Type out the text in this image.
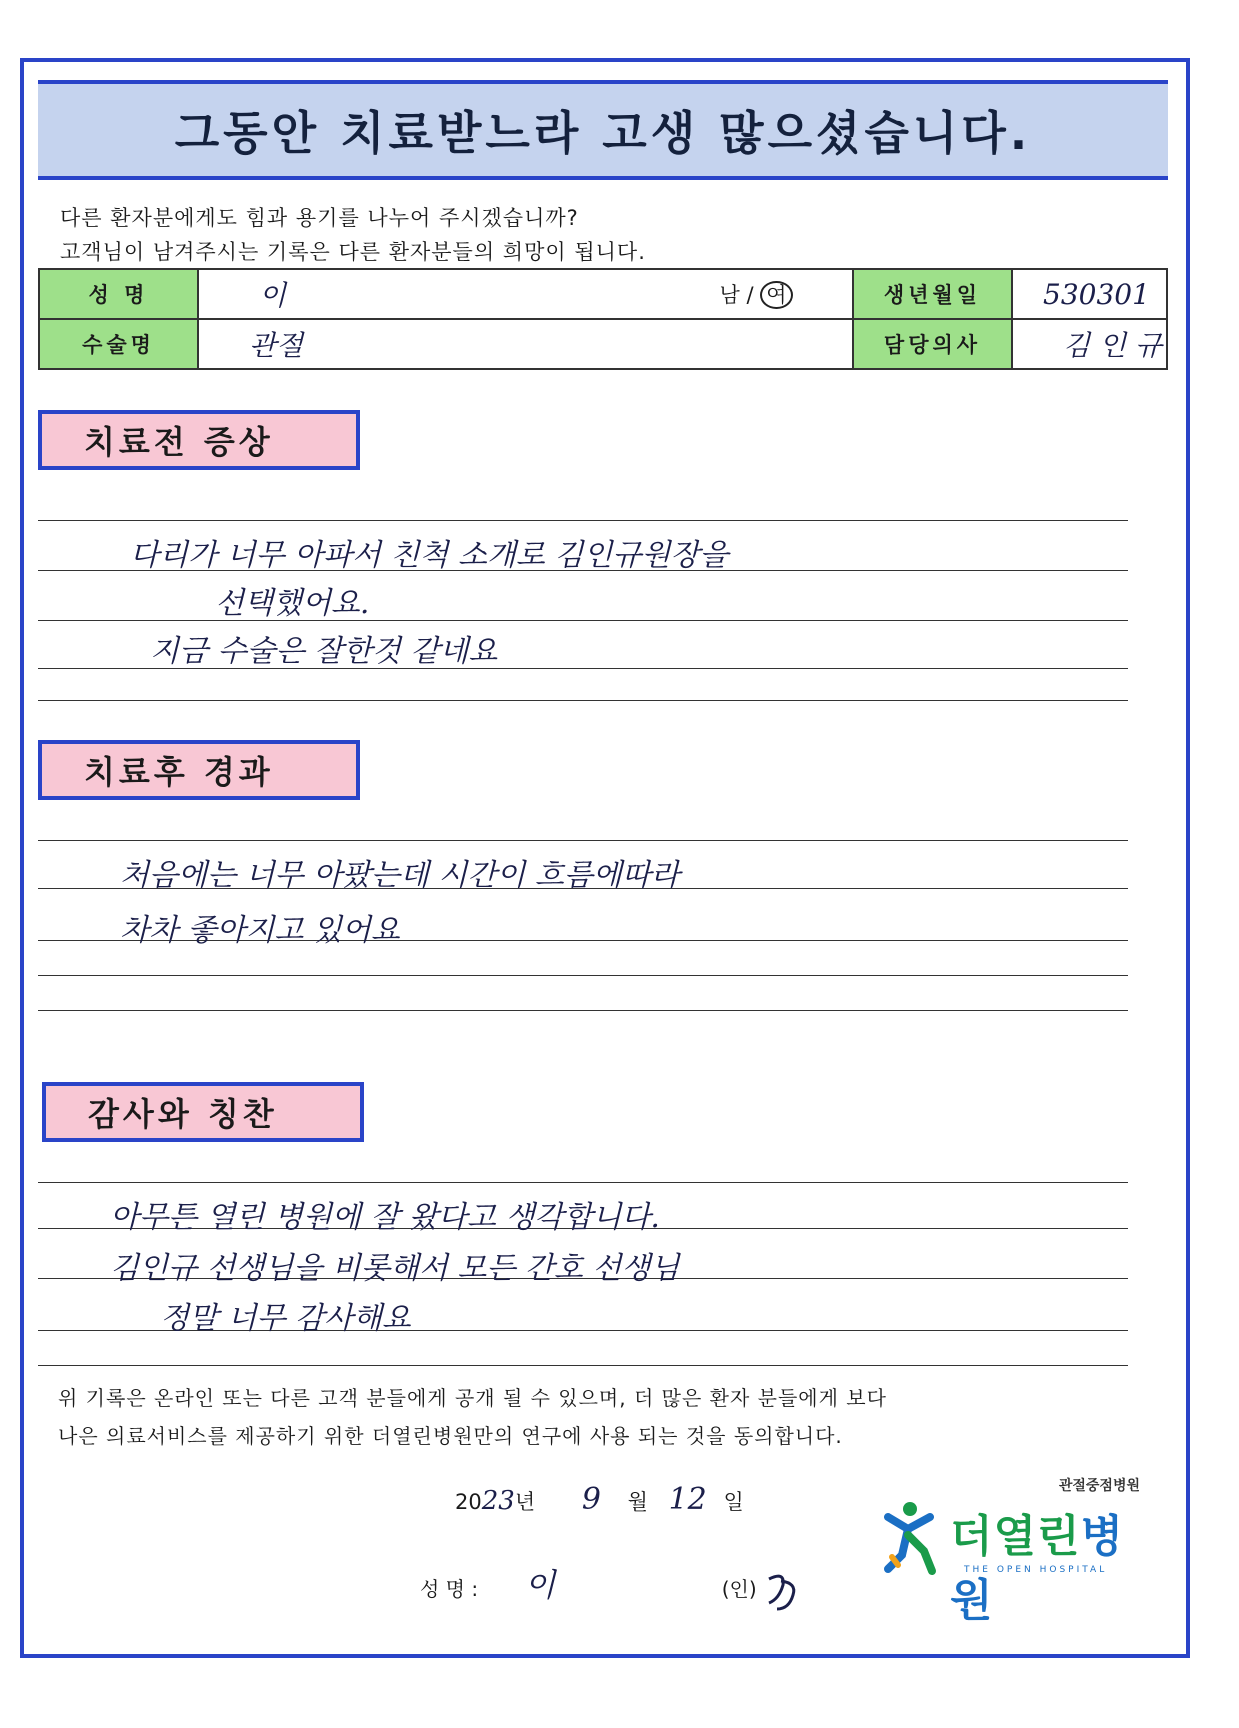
그동안 치료받느라 고생 많으셨습니다.
다른 환자분에게도 힘과 용기를 나누어 주시겠습니까?
고객님이 남겨주시는 기록은 다른 환자분들의 희망이 됩니다.
성 명	이	남 / 여	생년월일	530301
수술명	관절		담당의사	김 인 규
치료전 증상
다리가 너무 아파서 친척 소개로 김인규원장을
선택했어요.
지금 수술은 잘한것 같네요
치료후 경과
처음에는 너무 아팠는데 시간이 흐름에따라
차차 좋아지고 있어요
감사와 칭찬
아무튼 열린 병원에 잘 왔다고 생각합니다.
김인규 선생님을 비롯해서 모든 간호 선생님
정말 너무 감사해요
위 기록은 온라인 또는 다른 고객 분들에게 공개 될 수 있으며, 더 많은 환자 분들에게 보다
나은 의료서비스를 제공하기 위한 더열린병원만의 연구에 사용 되는 것을 동의합니다.
2023년 9 월 12 일
성 명 : 이	(인)
관절중점병원
더열린병원
THE OPEN HOSPITAL
